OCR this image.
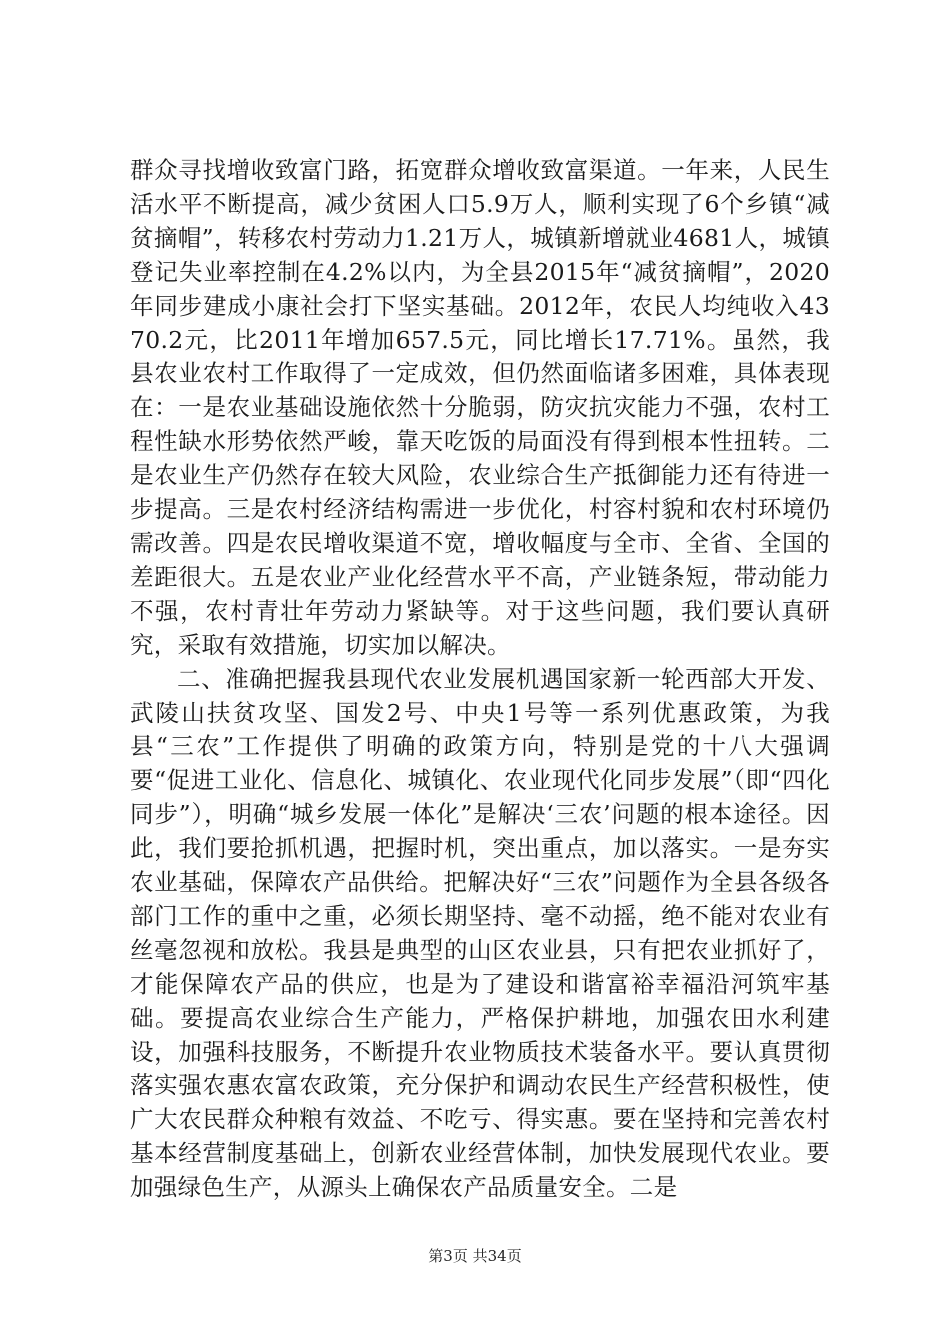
群众寻找增收致富门路，拓宽群众增收致富渠道。一年来，人民生活水平不断提高，减少贫困人口5.9万人，顺利实现了6个乡镇“减贫摘帽”，转移农村劳动力1.21万人，城镇新增就业4681人，城镇登记失业率控制在4.2%以内，为全县2015年“减贫摘帽”，2020年同步建成小康社会打下坚实基础。2012年，农民人均纯收入4370.2元，比2011年增加657.5元，同比增长17.71%。虽然，我县农业农村工作取得了一定成效，但仍然面临诸多困难，具体表现在：一是农业基础设施依然十分脆弱，防灾抗灾能力不强，农村工程性缺水形势依然严峻，靠天吃饭的局面没有得到根本性扭转。二是农业生产仍然存在较大风险，农业综合生产抵御能力还有待进一步提高。三是农村经济结构需进一步优化，村容村貌和农村环境仍需改善。四是农民增收渠道不宽，增收幅度与全市、全省、全国的差距很大。五是农业产业化经营水平不高，产业链条短，带动能力不强，农村青壮年劳动力紧缺等。对于这些问题，我们要认真研究，采取有效措施，切实加以解决。

二、准确把握我县现代农业发展机遇国家新一轮西部大开发、武陵山扶贫攻坚、国发2号、中央1号等一系列优惠政策，为我县“三农”工作提供了明确的政策方向，特别是党的十八大强调要“促进工业化、信息化、城镇化、农业现代化同步发展”（即“四化同步”），明确“城乡发展一体化”是解决‘三农’问题的根本途径。因此，我们要抢抓机遇，把握时机，突出重点，加以落实。一是夯实农业基础，保障农产品供给。把解决好“三农”问题作为全县各级各部门工作的重中之重，必须长期坚持、毫不动摇，绝不能对农业有丝毫忽视和放松。我县是典型的山区农业县，只有把农业抓好了，才能保障农产品的供应，也是为了建设和谐富裕幸福沿河筑牢基础。要提高农业综合生产能力，严格保护耕地，加强农田水利建设，加强科技服务，不断提升农业物质技术装备水平。要认真贯彻落实强农惠农富农政策，充分保护和调动农民生产经营积极性，使广大农民群众种粮有效益、不吃亏、得实惠。要在坚持和完善农村基本经营制度基础上，创新农业经营体制，加快发展现代农业。要加强绿色生产，从源头上确保农产品质量安全。二是

第3页 共34页
